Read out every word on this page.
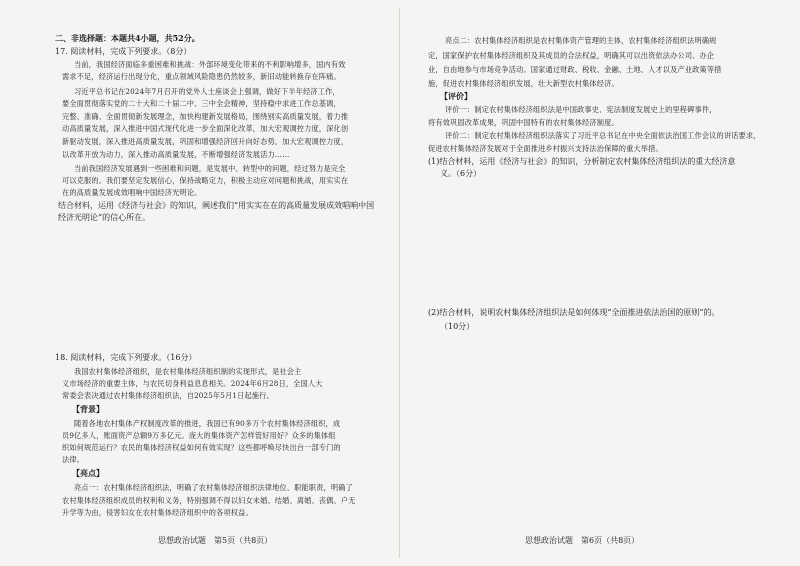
二、非选择题：本题共4小题，共52分。
17. 阅读材料，完成下列要求。（8分）
当前，我国经济面临多重困难和挑战：外部环境变化带来的不利影响增多，国内有效
需求不足，经济运行出现分化，重点领域风险隐患仍然较多，新旧动能转换存在阵痛。
习近平总书记在2024年7月召开的党外人士座谈会上强调，做好下半年经济工作，
要全面贯彻落实党的二十大和二十届二中、三中全会精神，坚持稳中求进工作总基调，
完整、准确、全面贯彻新发展理念，加快构建新发展格局，围绕别实高质量发展，着力推
动高质量发展，深入推进中国式现代化进一步全面深化改革，加大宏观调控力度，深化创
新驱动发展，深入推进高质量发展，巩固和增强经济回升向好态势，加大宏观调控力度，
以改革开放为动力，深入推动高质量发展，不断增强经济发展活力……
当前我国经济发展遇到一些困难和问题，是发展中、转型中的问题，经过努力是完全
可以克服的。我们要坚定发展信心，保持战略定力，积极主动应对问题和挑战，用实实在
在的高质量发展成效唱响中国经济光明论。
结合材料，运用《经济与社会》的知识，阐述我们“用实实在在的高质量发展成效唱响中国
经济光明论”的信心所在。
18. 阅读材料，完成下列要求。（16分）
我国农村集体经济组织，是农村集体经济组织制的实现形式，是社会主
义市场经济的重要主体，与农民切身利益息息相关。2024年6月28日，全国人大
常委会表决通过农村集体经济组织法，自2025年5月1日起施行。
【背景】
随着各地农村集体产权制度改革的推进，我国已有90多万个农村集体经济组织，成
员9亿多人，账面资产总额9万多亿元。庞大的集体资产怎样管好用好？众多的集体组
织如何规范运行？农民的集体经济权益如何有效实现？这些都呼唤尽快出台一部专门的
法律。
【亮点】
亮点一：农村集体经济组织法，明确了农村集体经济组织法律地位、职能职责，明确了
农村集体经济组织成员的权利和义务，特别强调不得以妇女未婚、结婚、离婚、丧偶、户无
升学等为由，侵害妇女在农村集体经济组织中的各项权益。
思想政治试题　第5页（共8页）
亮点二：农村集体经济组织是农村集体资产管理的主体，农村集体经济组织法明确规
定，国家保护农村集体经济组织及其成员的合法权益，明确其可以出资依法办公司、办企
业，自由地参与市场竞争活动。国家通过财政、税收、金融、土地、人才以及产业政策等措
施，促进农村集体经济组织发展，壮大新型农村集体经济。
【评价】
评价一：制定农村集体经济组织法是中国政事史、宪法制度发展史上的里程碑事件，
将有效巩固改革成果，巩固中国特有的农村集体经济制度。
评价二：制定农村集体经济组织法落实了习近平总书记在中央全面依法治国工作会议的讲话要求，
促进农村集体经济发展对于全面推进乡村振兴支持法治保障的重大举措。
(1)结合材料，运用《经济与社会》的知识，分析制定农村集体经济组织法的重大经济意
义。（6分）
(2)结合材料，说明农村集体经济组织法是如何体现“全面推进依法治国的原则”的。
（10分）
思想政治试题　第6页（共8页）
